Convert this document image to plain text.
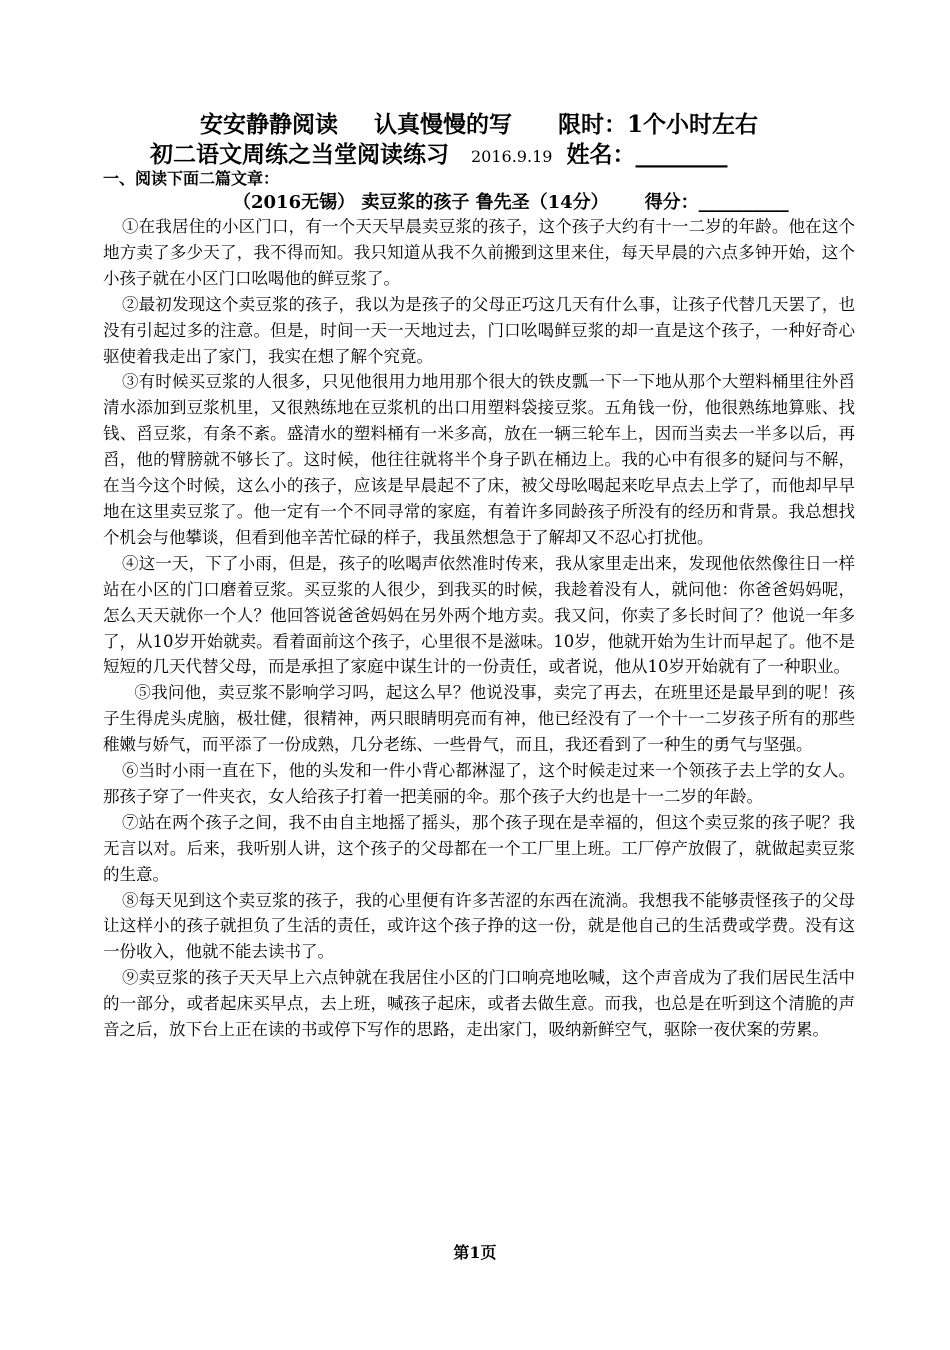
安安静静阅读 认真慢慢的写 限时：1个小时左右
初二语文周练之当堂阅读练习 2016.9.19 姓名：________
一、阅读下面二篇文章：
（2016无锡） 卖豆浆的孩子 鲁先圣（14分） 得分：__________

①在我居住的小区门口，有一个天天早晨卖豆浆的孩子，这个孩子大约有十一二岁的年龄。他在这个地方卖了多少天了，我不得而知。我只知道从我不久前搬到这里来住，每天早晨的六点多钟开始，这个小孩子就在小区门口吆喝他的鲜豆浆了。

②最初发现这个卖豆浆的孩子，我以为是孩子的父母正巧这几天有什么事，让孩子代替几天罢了，也没有引起过多的注意。但是，时间一天一天地过去，门口吆喝鲜豆浆的却一直是这个孩子，一种好奇心驱使着我走出了家门，我实在想了解个究竟。

③有时候买豆浆的人很多，只见他很用力地用那个很大的铁皮瓢一下一下地从那个大塑料桶里往外舀清水添加到豆浆机里，又很熟练地在豆浆机的出口用塑料袋接豆浆。五角钱一份，他很熟练地算账、找钱、舀豆浆，有条不紊。盛清水的塑料桶有一米多高，放在一辆三轮车上，因而当卖去一半多以后，再舀，他的臂膀就不够长了。这时候，他往往就将半个身子趴在桶边上。我的心中有很多的疑问与不解，在当今这个时候，这么小的孩子，应该是早晨起不了床，被父母吆喝起来吃早点去上学了，而他却早早地在这里卖豆浆了。他一定有一个不同寻常的家庭，有着许多同龄孩子所没有的经历和背景。我总想找个机会与他攀谈，但看到他辛苦忙碌的样子，我虽然想急于了解却又不忍心打扰他。

④这一天，下了小雨，但是，孩子的吆喝声依然准时传来，我从家里走出来，发现他依然像往日一样站在小区的门口磨着豆浆。买豆浆的人很少，到我买的时候，我趁着没有人，就问他：你爸爸妈妈呢，怎么天天就你一个人？他回答说爸爸妈妈在另外两个地方卖。我又问，你卖了多长时间了？他说一年多了，从10岁开始就卖。看着面前这个孩子，心里很不是滋味。10岁，他就开始为生计而早起了。他不是短短的几天代替父母，而是承担了家庭中谋生计的一份责任，或者说，他从10岁开始就有了一种职业。

⑤我问他，卖豆浆不影响学习吗，起这么早？他说没事，卖完了再去，在班里还是最早到的呢！孩子生得虎头虎脑，极壮健，很精神，两只眼睛明亮而有神，他已经没有了一个十一二岁孩子所有的那些稚嫩与娇气，而平添了一份成熟，几分老练、一些骨气，而且，我还看到了一种生的勇气与坚强。

⑥当时小雨一直在下，他的头发和一件小背心都淋湿了，这个时候走过来一个领孩子去上学的女人。那孩子穿了一件夹衣，女人给孩子打着一把美丽的伞。那个孩子大约也是十一二岁的年龄。

⑦站在两个孩子之间，我不由自主地摇了摇头，那个孩子现在是幸福的，但这个卖豆浆的孩子呢？我无言以对。后来，我听别人讲，这个孩子的父母都在一个工厂里上班。工厂停产放假了，就做起卖豆浆的生意。

⑧每天见到这个卖豆浆的孩子，我的心里便有许多苦涩的东西在流淌。我想我不能够责怪孩子的父母让这样小的孩子就担负了生活的责任，或许这个孩子挣的这一份，就是他自己的生活费或学费。没有这一份收入，他就不能去读书了。

⑨卖豆浆的孩子天天早上六点钟就在我居住小区的门口响亮地吆喊，这个声音成为了我们居民生活中的一部分，或者起床买早点，去上班，喊孩子起床，或者去做生意。而我，也总是在听到这个清脆的声音之后，放下台上正在读的书或停下写作的思路，走出家门，吸纳新鲜空气，驱除一夜伏案的劳累。

第1页
